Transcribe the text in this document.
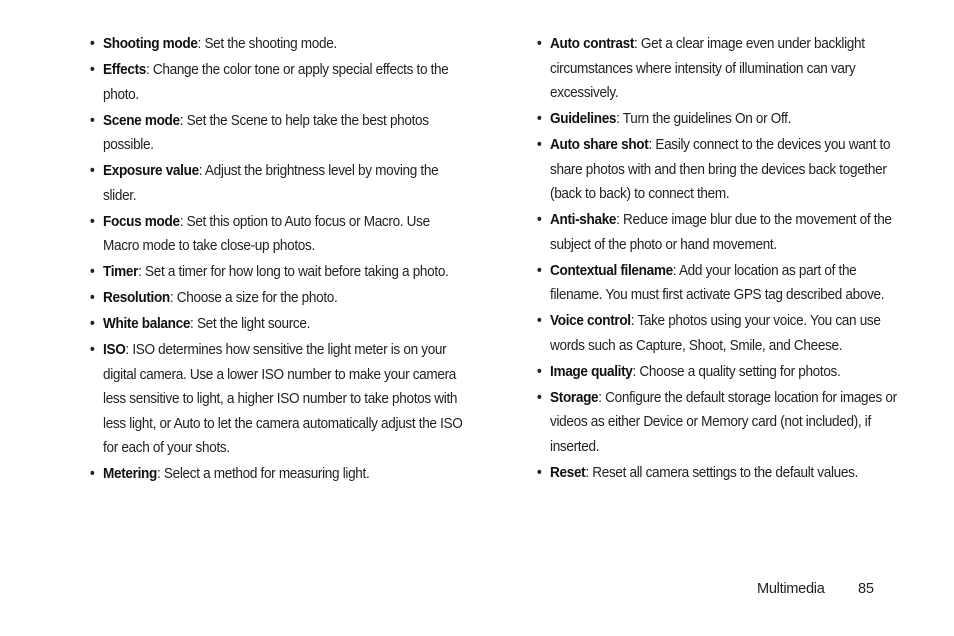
• Shooting mode: Set the shooting mode.
• Effects: Change the color tone or apply special effects to the photo.
• Scene mode: Set the Scene to help take the best photos possible.
• Exposure value: Adjust the brightness level by moving the slider.
• Focus mode: Set this option to Auto focus or Macro. Use Macro mode to take close-up photos.
• Timer: Set a timer for how long to wait before taking a photo.
• Resolution: Choose a size for the photo.
• White balance: Set the light source.
• ISO: ISO determines how sensitive the light meter is on your digital camera. Use a lower ISO number to make your camera less sensitive to light, a higher ISO number to take photos with less light, or Auto to let the camera automatically adjust the ISO for each of your shots.
• Metering: Select a method for measuring light.
• Auto contrast: Get a clear image even under backlight circumstances where intensity of illumination can vary excessively.
• Guidelines: Turn the guidelines On or Off.
• Auto share shot: Easily connect to the devices you want to share photos with and then bring the devices back together (back to back) to connect them.
• Anti-shake: Reduce image blur due to the movement of the subject of the photo or hand movement.
• Contextual filename: Add your location as part of the filename. You must first activate GPS tag described above.
• Voice control: Take photos using your voice. You can use words such as Capture, Shoot, Smile, and Cheese.
• Image quality: Choose a quality setting for photos.
• Storage: Configure the default storage location for images or videos as either Device or Memory card (not included), if inserted.
• Reset: Reset all camera settings to the default values.
Multimedia 85
